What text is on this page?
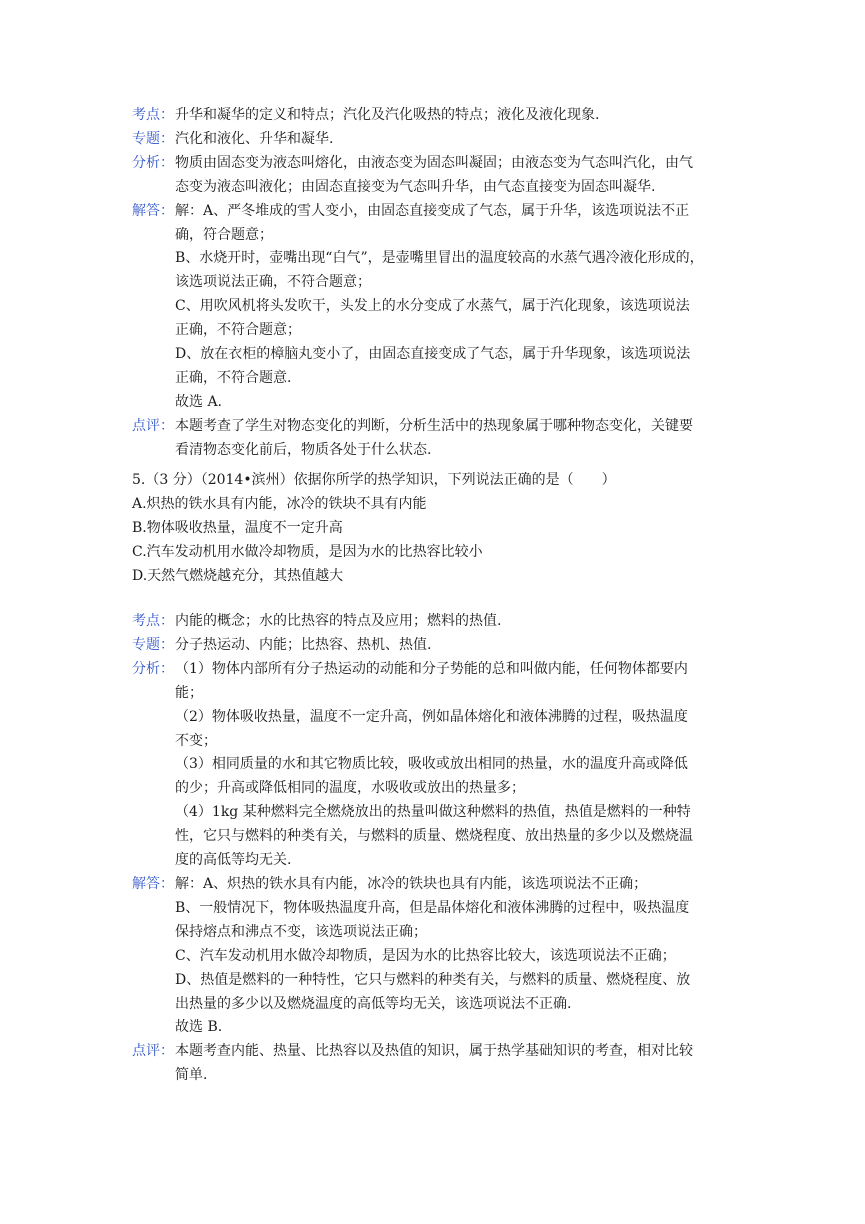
考点： 升华和凝华的定义和特点；汽化及汽化吸热的特点；液化及液化现象.
专题： 汽化和液化、升华和凝华.
分析： 物质由固态变为液态叫熔化，由液态变为固态叫凝固；由液态变为气态叫汽化，由气
态变为液态叫液化；由固态直接变为气态叫升华，由气态直接变为固态叫凝华.
解答： 解：A、严冬堆成的雪人变小，由固态直接变成了气态，属于升华，该选项说法不正
确，符合题意；
B、水烧开时，壶嘴出现“白气”，是壶嘴里冒出的温度较高的水蒸气遇冷液化形成的，
该选项说法正确，不符合题意；
C、用吹风机将头发吹干，头发上的水分变成了水蒸气，属于汽化现象，该选项说法
正确，不符合题意；
D、放在衣柜的樟脑丸变小了，由固态直接变成了气态，属于升华现象，该选项说法
正确，不符合题意.
故选 A.
点评： 本题考查了学生对物态变化的判断，分析生活中的热现象属于哪种物态变化，关键要
看清物态变化前后，物质各处于什么状态.
5.（3 分）（2014•滨州）依据你所学的热学知识，下列说法正确的是（　　）
A.炽热的铁水具有内能，冰冷的铁块不具有内能
B.物体吸收热量，温度不一定升高
C.汽车发动机用水做冷却物质，是因为水的比热容比较小
D.天然气燃烧越充分，其热值越大
考点： 内能的概念；水的比热容的特点及应用；燃料的热值.
专题： 分子热运动、内能；比热容、热机、热值.
分析： （1）物体内部所有分子热运动的动能和分子势能的总和叫做内能，任何物体都要内
能；
（2）物体吸收热量，温度不一定升高，例如晶体熔化和液体沸腾的过程，吸热温度
不变；
（3）相同质量的水和其它物质比较，吸收或放出相同的热量，水的温度升高或降低
的少；升高或降低相同的温度，水吸收或放出的热量多；
（4）1kg 某种燃料完全燃烧放出的热量叫做这种燃料的热值，热值是燃料的一种特
性，它只与燃料的种类有关，与燃料的质量、燃烧程度、放出热量的多少以及燃烧温
度的高低等均无关.
解答： 解：A、炽热的铁水具有内能，冰冷的铁块也具有内能，该选项说法不正确；
B、一般情况下，物体吸热温度升高，但是晶体熔化和液体沸腾的过程中，吸热温度
保持熔点和沸点不变，该选项说法正确；
C、汽车发动机用水做冷却物质，是因为水的比热容比较大，该选项说法不正确；
D、热值是燃料的一种特性，它只与燃料的种类有关，与燃料的质量、燃烧程度、放
出热量的多少以及燃烧温度的高低等均无关，该选项说法不正确.
故选 B.
点评： 本题考查内能、热量、比热容以及热值的知识，属于热学基础知识的考查，相对比较
简单.
